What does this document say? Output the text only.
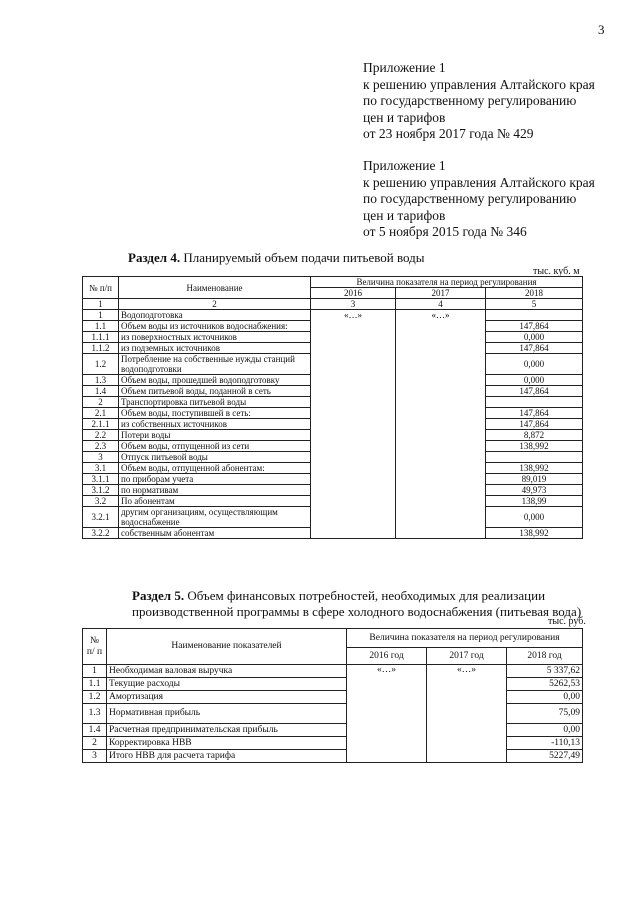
3
Приложение 1
к решению управления Алтайского края
по государственному регулированию
цен и тарифов
от 23 ноября 2017 года № 429
Приложение 1
к решению управления Алтайского края
по государственному регулированию
цен и тарифов
от 5 ноября 2015 года № 346
Раздел 4. Планируемый объем подачи питьевой воды
тыс. куб. м
№ п/п	Наименование	Величина показателя на период регулирования		
		2016	2017	2018
1	2	3	4	5
1	Водоподготовка	«…»	«…»	
1.1	Объем воды из источников водоснабжения:			147,864
1.1.1	из поверхностных источников			0,000
1.1.2	из подземных источников			147,864
1.2	Потребление на собственные нужды станций водоподготовки			0,000
1.3	Объем воды, прошедшей водоподготовку			0,000
1.4	Объем питьевой воды, поданной в сеть			147,864
2	Транспортировка питьевой воды			
2.1	Объем воды, поступившей в сеть:			147,864
2.1.1	из собственных источников			147,864
2.2	Потери воды			8,872
2.3	Объем воды, отпущенной из сети			138,992
3	Отпуск питьевой воды			
3.1	Объем воды, отпущенной абонентам:			138,992
3.1.1	по приборам учета			89,019
3.1.2	по нормативам			49,973
3.2	По абонентам			138,99
3.2.1	другим организациям, осуществляющим водоснабжение			0,000
3.2.2	собственным абонентам			138,992
Раздел 5. Объем финансовых потребностей, необходимых для реализации производственной программы в сфере холодного водоснабжения (питьевая вода)
тыс. руб.
№ п/ п	Наименование показателей	Величина показателя на период регулирования		
		2016 год	2017 год	2018 год
1	Необходимая валовая выручка	«…»	«…»	5 337,62
1.1	Текущие расходы			5262,53
1.2	Амортизация			0,00
1.3	Нормативная прибыль			75,09
1.4	Расчетная предпринимательская прибыль			0,00
2	Корректировка НВВ			-110,13
3	Итого НВВ для расчета тарифа			5227,49
